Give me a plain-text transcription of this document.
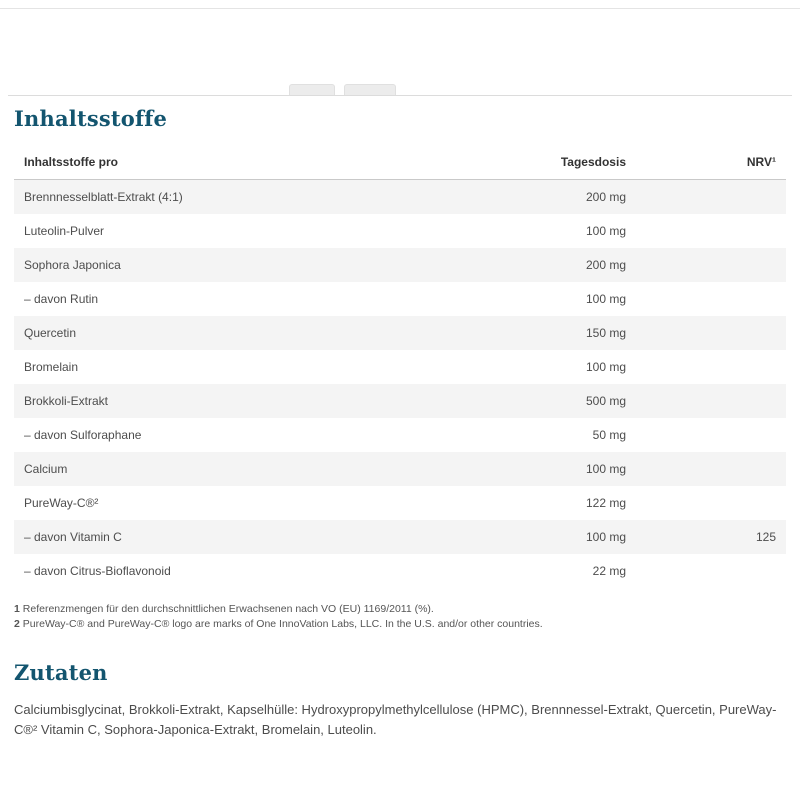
Inhaltsstoffe
Inhaltsstoffe pro	Tagesdosis	NRV¹
Brennnesselblatt-Extrakt (4:1)	200 mg
Luteolin-Pulver	100 mg
Sophora Japonica	200 mg
– davon Rutin	100 mg
Quercetin	150 mg
Bromelain	100 mg
Brokkoli-Extrakt	500 mg
– davon Sulforaphane	50 mg
Calcium	100 mg
PureWay-C®²	122 mg
– davon Vitamin C	100 mg	125
– davon Citrus-Bioflavonoid	22 mg
1 Referenzmengen für den durchschnittlichen Erwachsenen nach VO (EU) 1169/2011 (%).
2 PureWay-C® and PureWay-C® logo are marks of One InnoVation Labs, LLC. In the U.S. and/or other countries.
Zutaten

Calciumbisglycinat, Brokkoli-Extrakt, Kapselhülle: Hydroxypropylmethylcellulose (HPMC), Brennnessel-Extrakt, Quercetin, PureWay-C®² Vitamin C, Sophora-Japonica-Extrakt, Bromelain, Luteolin.
